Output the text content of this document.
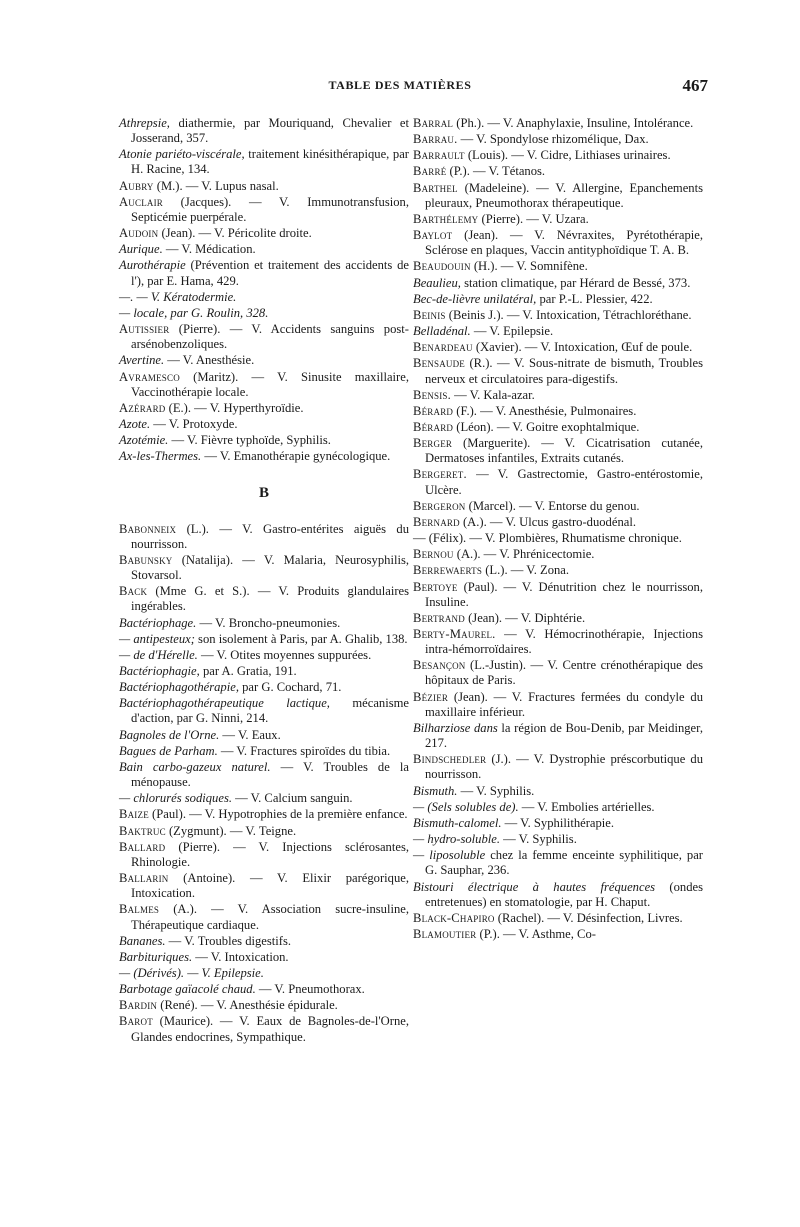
TABLE DES MATIÈRES	467

Athrepsie, diathermie, par Mouriquand, Chevalier et Josserand, 357.

Atonie pariéto-viscérale, traitement kinésithérapique, par H. Racine, 134.

Aubry (M.). — V. Lupus nasal.

Auclair (Jacques). — V. Immunotransfusion, Septicémie puerpérale.

Audoin (Jean). — V. Péricolite droite.

Aurique. — V. Médication.

Aurothérapie (Prévention et traitement des accidents de l'), par E. Hama, 429.

—. — V. Kératodermie.

— locale, par G. Roulin, 328.

Autissier (Pierre). — V. Accidents sanguins post-arsénobenzoliques.

Avertine. — V. Anesthésie.

Avramesco (Maritz). — V. Sinusite maxillaire, Vaccinothérapie locale.

Azérard (E.). — V. Hyperthyroïdie.

Azote. — V. Protoxyde.

Azotémie. — V. Fièvre typhoïde, Syphilis.

Ax-les-Thermes. — V. Emanothérapie gynécologique.

B

Babonneix (L.). — V. Gastro-entérites aiguës du nourrisson.

Babunsky (Natalija). — V. Malaria, Neurosyphilis, Stovarsol.

Back (Mme G. et S.). — V. Produits glandulaires ingérables.

Bactériophage. — V. Broncho-pneumonies.

— antipesteux; son isolement à Paris, par A. Ghalib, 138.

— de d'Hérelle. — V. Otites moyennes suppurées.

Bactériophagie, par A. Gratia, 191.

Bactériophagothérapie, par G. Cochard, 71.

Bactériophagothérapeutique lactique, mécanisme d'action, par G. Ninni, 214.

Bagnoles de l'Orne. — V. Eaux.

Bagues de Parham. — V. Fractures spiroïdes du tibia.

Bain carbo-gazeux naturel. — V. Troubles de la ménopause.

— chlorurés sodiques. — V. Calcium sanguin.

Baize (Paul). — V. Hypotrophies de la première enfance.

Baktruc (Zygmunt). — V. Teigne.

Ballard (Pierre). — V. Injections sclérosantes, Rhinologie.

Ballarin (Antoine). — V. Elixir parégorique, Intoxication.

Balmes (A.). — V. Association sucre-insuline, Thérapeutique cardiaque.

Bananes. — V. Troubles digestifs.

Barbituriques. — V. Intoxication.

— (Dérivés). — V. Epilepsie.

Barbotage gaïacolé chaud. — V. Pneumothorax.

Bardin (René). — V. Anesthésie épidurale.

Barot (Maurice). — V. Eaux de Bagnoles-de-l'Orne, Glandes endocrines, Sympathique.

Barral (Ph.). — V. Anaphylaxie, Insuline, Intolérance.

Barrau. — V. Spondylose rhizomélique, Dax.

Barrault (Louis). — V. Cidre, Lithiases urinaires.

Barré (P.). — V. Tétanos.

Barthel (Madeleine). — V. Allergine, Epanchements pleuraux, Pneumothorax thérapeutique.

Barthélemy (Pierre). — V. Uzara.

Baylot (Jean). — V. Névraxites, Pyrétothérapie, Sclérose en plaques, Vaccin antityphoïdique T. A. B.

Beaudouin (H.). — V. Somnifène.

Beaulieu, station climatique, par Hérard de Bessé, 373.

Bec-de-lièvre unilatéral, par P.-L. Plessier, 422.

Beinis (Beinis J.). — V. Intoxication, Tétrachloréthane.

Belladénal. — V. Epilepsie.

Benardeau (Xavier). — V. Intoxication, Œuf de poule.

Bensaude (R.). — V. Sous-nitrate de bismuth, Troubles nerveux et circulatoires para-digestifs.

Bensis. — V. Kala-azar.

Bérard (F.). — V. Anesthésie, Pulmonaires.

Bérard (Léon). — V. Goitre exophtalmique.

Berger (Marguerite). — V. Cicatrisation cutanée, Dermatoses infantiles, Extraits cutanés.

Bergeret. — V. Gastrectomie, Gastro-entérostomie, Ulcère.

Bergeron (Marcel). — V. Entorse du genou.

Bernard (A.). — V. Ulcus gastro-duodénal.

— (Félix). — V. Plombières, Rhumatisme chronique.

Bernou (A.). — V. Phrénicectomie.

Berrewaerts (L.). — V. Zona.

Bertoye (Paul). — V. Dénutrition chez le nourrisson, Insuline.

Bertrand (Jean). — V. Diphtérie.

Berty-Maurel. — V. Hémocrinothérapie, Injections intra-hémorroïdaires.

Besançon (L.-Justin). — V. Centre crénothérapique des hôpitaux de Paris.

Bézier (Jean). — V. Fractures fermées du condyle du maxillaire inférieur.

Bilharziose dans la région de Bou-Denib, par Meidinger, 217.

Bindschedler (J.). — V. Dystrophie préscorbutique du nourrisson.

Bismuth. — V. Syphilis.

— (Sels solubles de). — V. Embolies artérielles.

Bismuth-calomel. — V. Syphilithérapie.

— hydro-soluble. — V. Syphilis.

— liposoluble chez la femme enceinte syphilitique, par G. Sauphar, 236.

Bistouri électrique à hautes fréquences (ondes entretenues) en stomatologie, par H. Chaput.

Black-Chapiro (Rachel). — V. Désinfection, Livres.

Blamoutier (P.). — V. Asthme, Co-
